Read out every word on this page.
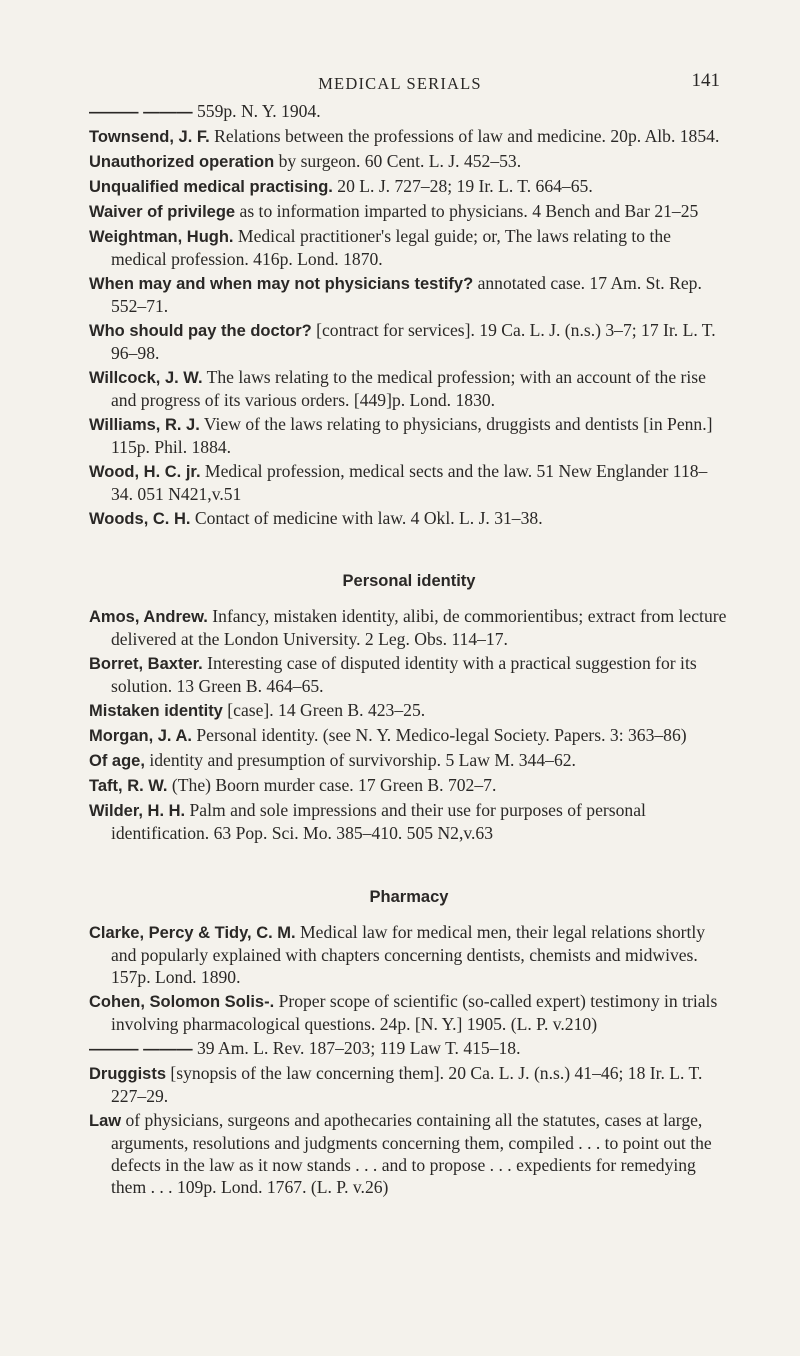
MEDICAL SERIALS	141

——— ——— 559p. N. Y. 1904.

Townsend, J. F. Relations between the professions of law and medicine. 20p. Alb. 1854.

Unauthorized operation by surgeon. 60 Cent. L. J. 452–53.

Unqualified medical practising. 20 L. J. 727–28; 19 Ir. L. T. 664–65.

Waiver of privilege as to information imparted to physicians. 4 Bench and Bar 21–25

Weightman, Hugh. Medical practitioner's legal guide; or, The laws relating to the medical profession. 416p. Lond. 1870.

When may and when may not physicians testify? annotated case. 17 Am. St. Rep. 552–71.

Who should pay the doctor? [contract for services]. 19 Ca. L. J. (n.s.) 3–7; 17 Ir. L. T. 96–98.

Willcock, J. W. The laws relating to the medical profession; with an account of the rise and progress of its various orders. [449]p. Lond. 1830.

Williams, R. J. View of the laws relating to physicians, druggists and dentists [in Penn.] 115p. Phil. 1884.

Wood, H. C. jr. Medical profession, medical sects and the law. 51 New Englander 118–34. 051 N421,v.51

Woods, C. H. Contact of medicine with law. 4 Okl. L. J. 31–38.

Personal identity

Amos, Andrew. Infancy, mistaken identity, alibi, de commorientibus; extract from lecture delivered at the London University. 2 Leg. Obs. 114–17.

Borret, Baxter. Interesting case of disputed identity with a practical suggestion for its solution. 13 Green B. 464–65.

Mistaken identity [case]. 14 Green B. 423–25.

Morgan, J. A. Personal identity. (see N. Y. Medico-legal Society. Papers. 3: 363–86)

Of age, identity and presumption of survivorship. 5 Law M. 344–62.

Taft, R. W. (The) Boorn murder case. 17 Green B. 702–7.

Wilder, H. H. Palm and sole impressions and their use for purposes of personal identification. 63 Pop. Sci. Mo. 385–410. 505 N2,v.63

Pharmacy

Clarke, Percy & Tidy, C. M. Medical law for medical men, their legal relations shortly and popularly explained with chapters concerning dentists, chemists and midwives. 157p. Lond. 1890.

Cohen, Solomon Solis-. Proper scope of scientific (so-called expert) testimony in trials involving pharmacological questions. 24p. [N. Y.] 1905. (L. P. v.210)

——— ——— 39 Am. L. Rev. 187–203; 119 Law T. 415–18.

Druggists [synopsis of the law concerning them]. 20 Ca. L. J. (n.s.) 41–46; 18 Ir. L. T. 227–29.

Law of physicians, surgeons and apothecaries containing all the statutes, cases at large, arguments, resolutions and judgments concerning them, compiled . . . to point out the defects in the law as it now stands . . . and to propose . . . expedients for remedying them . . . 109p. Lond. 1767. (L. P. v.26)
